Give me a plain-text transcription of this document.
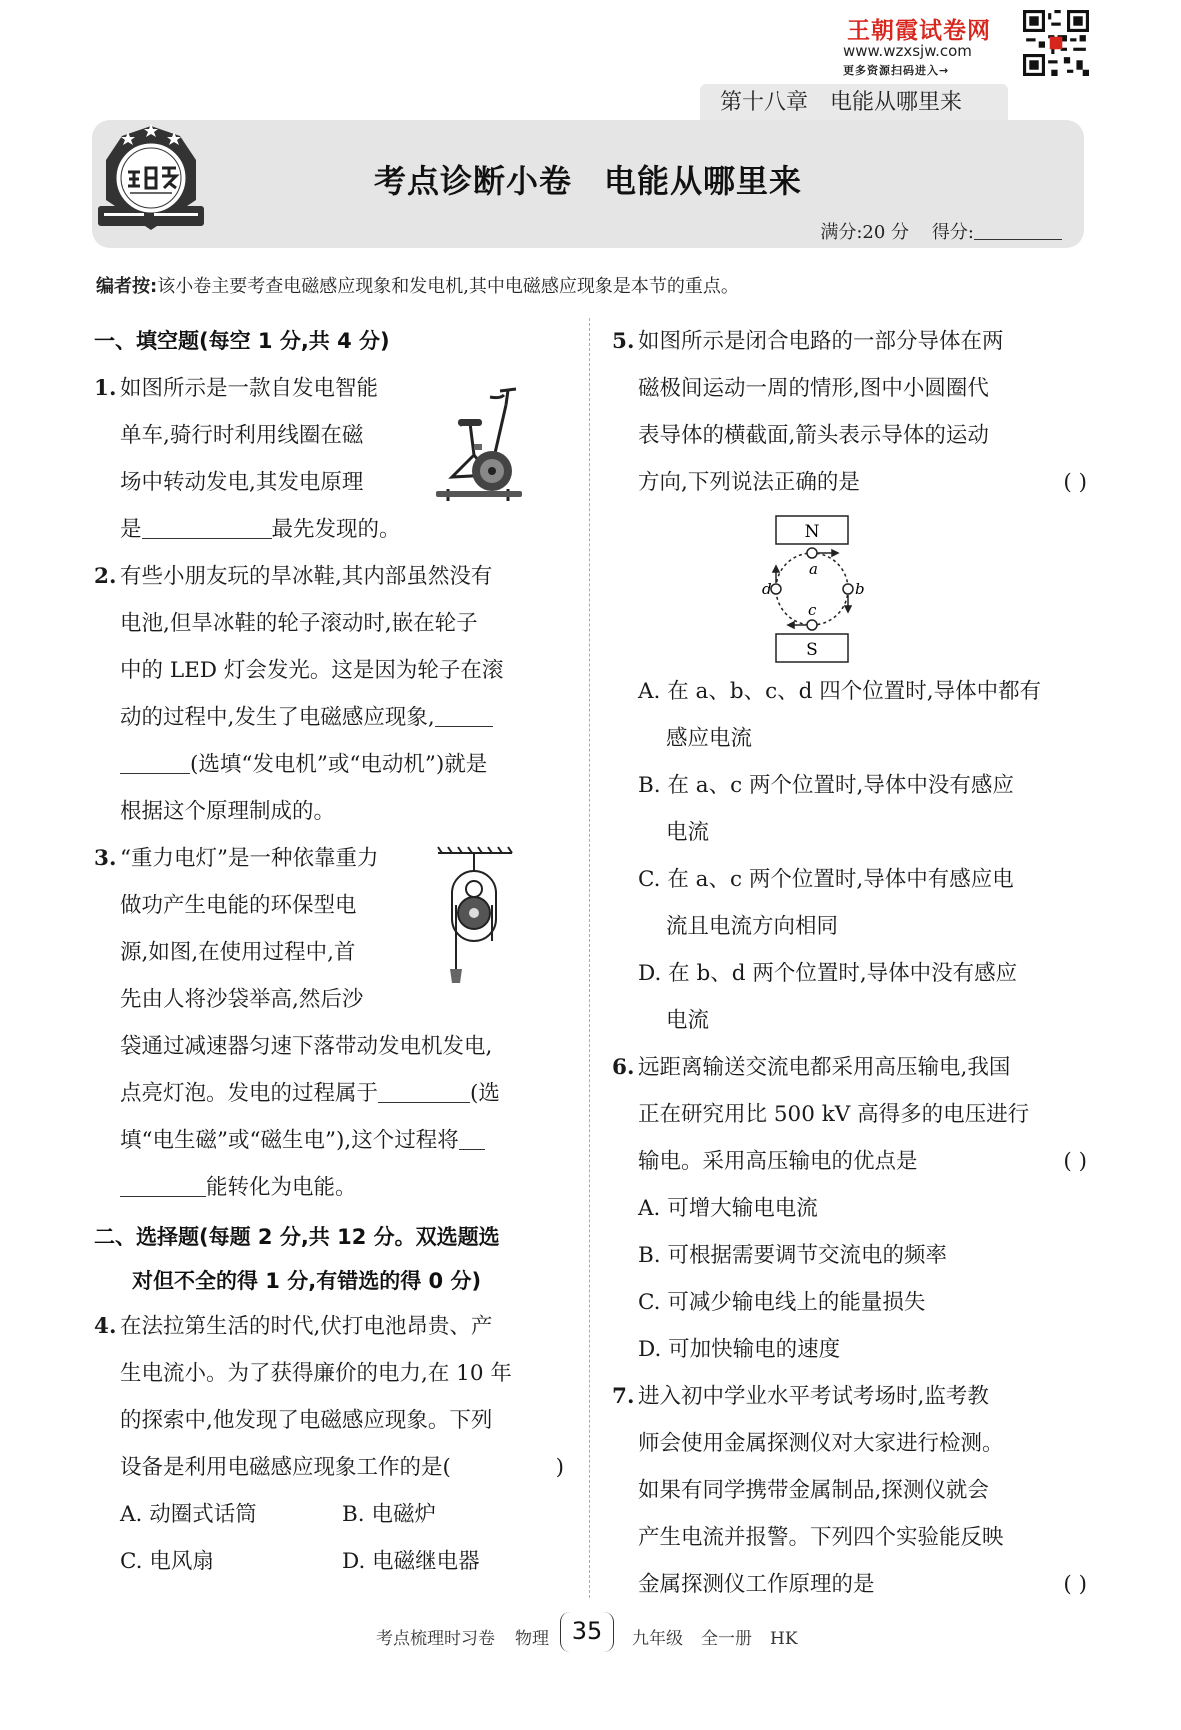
王朝霞试卷网
www.wzxsjw.com
更多资源扫码进入→
第十八章 电能从哪里来
考点诊断小卷 电能从哪里来
满分:20 分 得分:
编者按:该小卷主要考查电磁感应现象和发电机,其中电磁感应现象是本节的重点。
一、填空题(每空 1 分,共 4 分)
1. 如图所示是一款自发电智能
单车,骑行时利用线圈在磁
场中转动发电,其发电原理
是	最先发现的。
2. 有些小朋友玩的旱冰鞋,其内部虽然没有
电池,但旱冰鞋的轮子滚动时,嵌在轮子
中的 LED 灯会发光。这是因为轮子在滚
动的过程中,发生了电磁感应现象,
(选填“发电机”或“电动机”)就是
根据这个原理制成的。
3. “重力电灯”是一种依靠重力
做功产生电能的环保型电
源,如图,在使用过程中,首
先由人将沙袋举高,然后沙
袋通过减速器匀速下落带动发电机发电,
点亮灯泡。发电的过程属于	(选
填“电生磁”或“磁生电”),这个过程将
能转化为电能。
二、选择题(每题 2 分,共 12 分。双选题选
对但不全的得 1 分,有错选的得 0 分)
4. 在法拉第生活的时代,伏打电池昂贵、产
生电流小。为了获得廉价的电力,在 10 年
的探索中,他发现了电磁感应现象。下列
设备是利用电磁感应现象工作的是(	)
A. 动圈式话筒	B. 电磁炉
C. 电风扇	D. 电磁继电器
5. 如图所示是闭合电路的一部分导体在两
磁极间运动一周的情形,图中小圆圈代
表导体的横截面,箭头表示导体的运动
方向,下列说法正确的是	( )
N
S
a
b
c
d
A. 在 a、b、c、d 四个位置时,导体中都有
感应电流
B. 在 a、c 两个位置时,导体中没有感应
电流
C. 在 a、c 两个位置时,导体中有感应电
流且电流方向相同
D. 在 b、d 两个位置时,导体中没有感应
电流
6. 远距离输送交流电都采用高压输电,我国
正在研究用比 500 kV 高得多的电压进行
输电。采用高压输电的优点是	( )
A. 可增大输电电流
B. 可根据需要调节交流电的频率
C. 可减少输电线上的能量损失
D. 可加快输电的速度
7. 进入初中学业水平考试考场时,监考教
师会使用金属探测仪对大家进行检测。
如果有同学携带金属制品,探测仪就会
产生电流并报警。下列四个实验能反映
金属探测仪工作原理的是	( )
考点梳理时习卷 物理 35	九年级 全一册 HK
